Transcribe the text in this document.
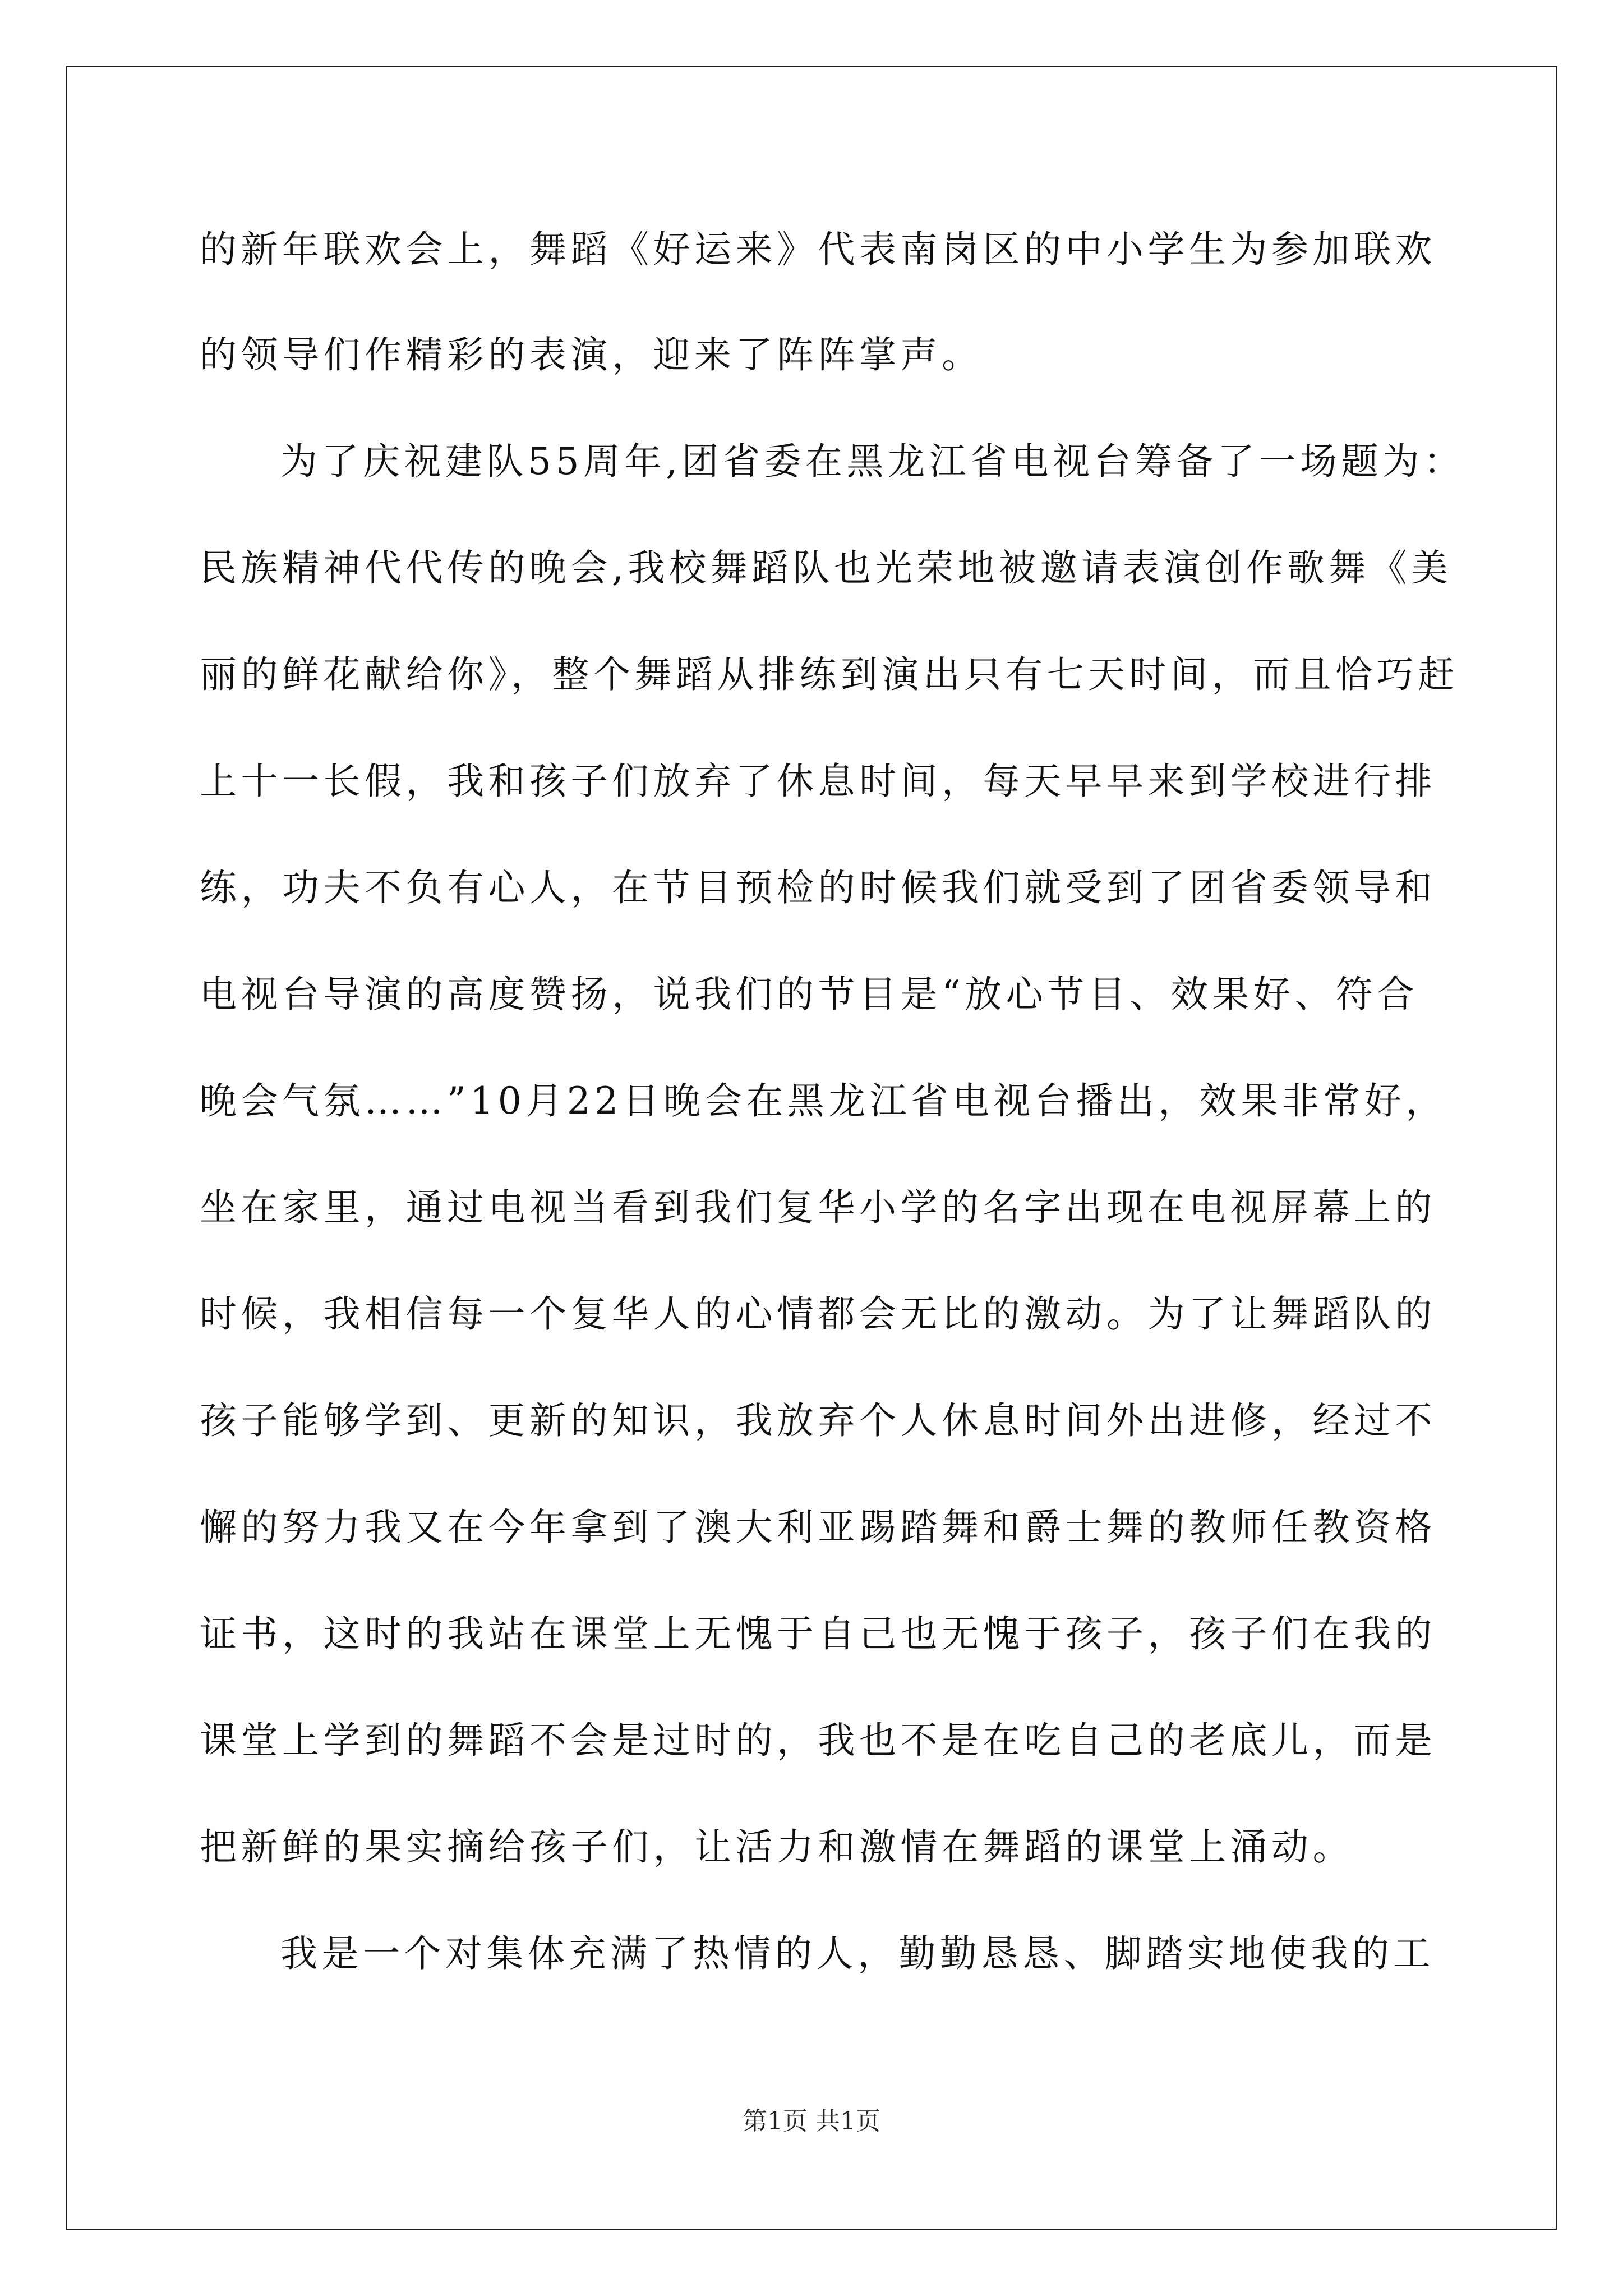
的新年联欢会上，舞蹈《好运来》代表南岗区的中小学生为参加联欢
的领导们作精彩的表演，迎来了阵阵掌声。
为了庆祝建队55周年,团省委在黑龙江省电视台筹备了一场题为：
民族精神代代传的晚会,我校舞蹈队也光荣地被邀请表演创作歌舞《美
丽的鲜花献给你》，整个舞蹈从排练到演出只有七天时间，而且恰巧赶
上十一长假，我和孩子们放弃了休息时间，每天早早来到学校进行排
练，功夫不负有心人，在节目预检的时候我们就受到了团省委领导和
电视台导演的高度赞扬，说我们的节目是“放心节目、效果好、符合
晚会气氛……”10月22日晚会在黑龙江省电视台播出，效果非常好，
坐在家里，通过电视当看到我们复华小学的名字出现在电视屏幕上的
时候，我相信每一个复华人的心情都会无比的激动。为了让舞蹈队的
孩子能够学到、更新的知识，我放弃个人休息时间外出进修，经过不
懈的努力我又在今年拿到了澳大利亚踢踏舞和爵士舞的教师任教资格
证书，这时的我站在课堂上无愧于自己也无愧于孩子，孩子们在我的
课堂上学到的舞蹈不会是过时的，我也不是在吃自己的老底儿，而是
把新鲜的果实摘给孩子们，让活力和激情在舞蹈的课堂上涌动。
我是一个对集体充满了热情的人，勤勤恳恳、脚踏实地使我的工
第1页 共1页
